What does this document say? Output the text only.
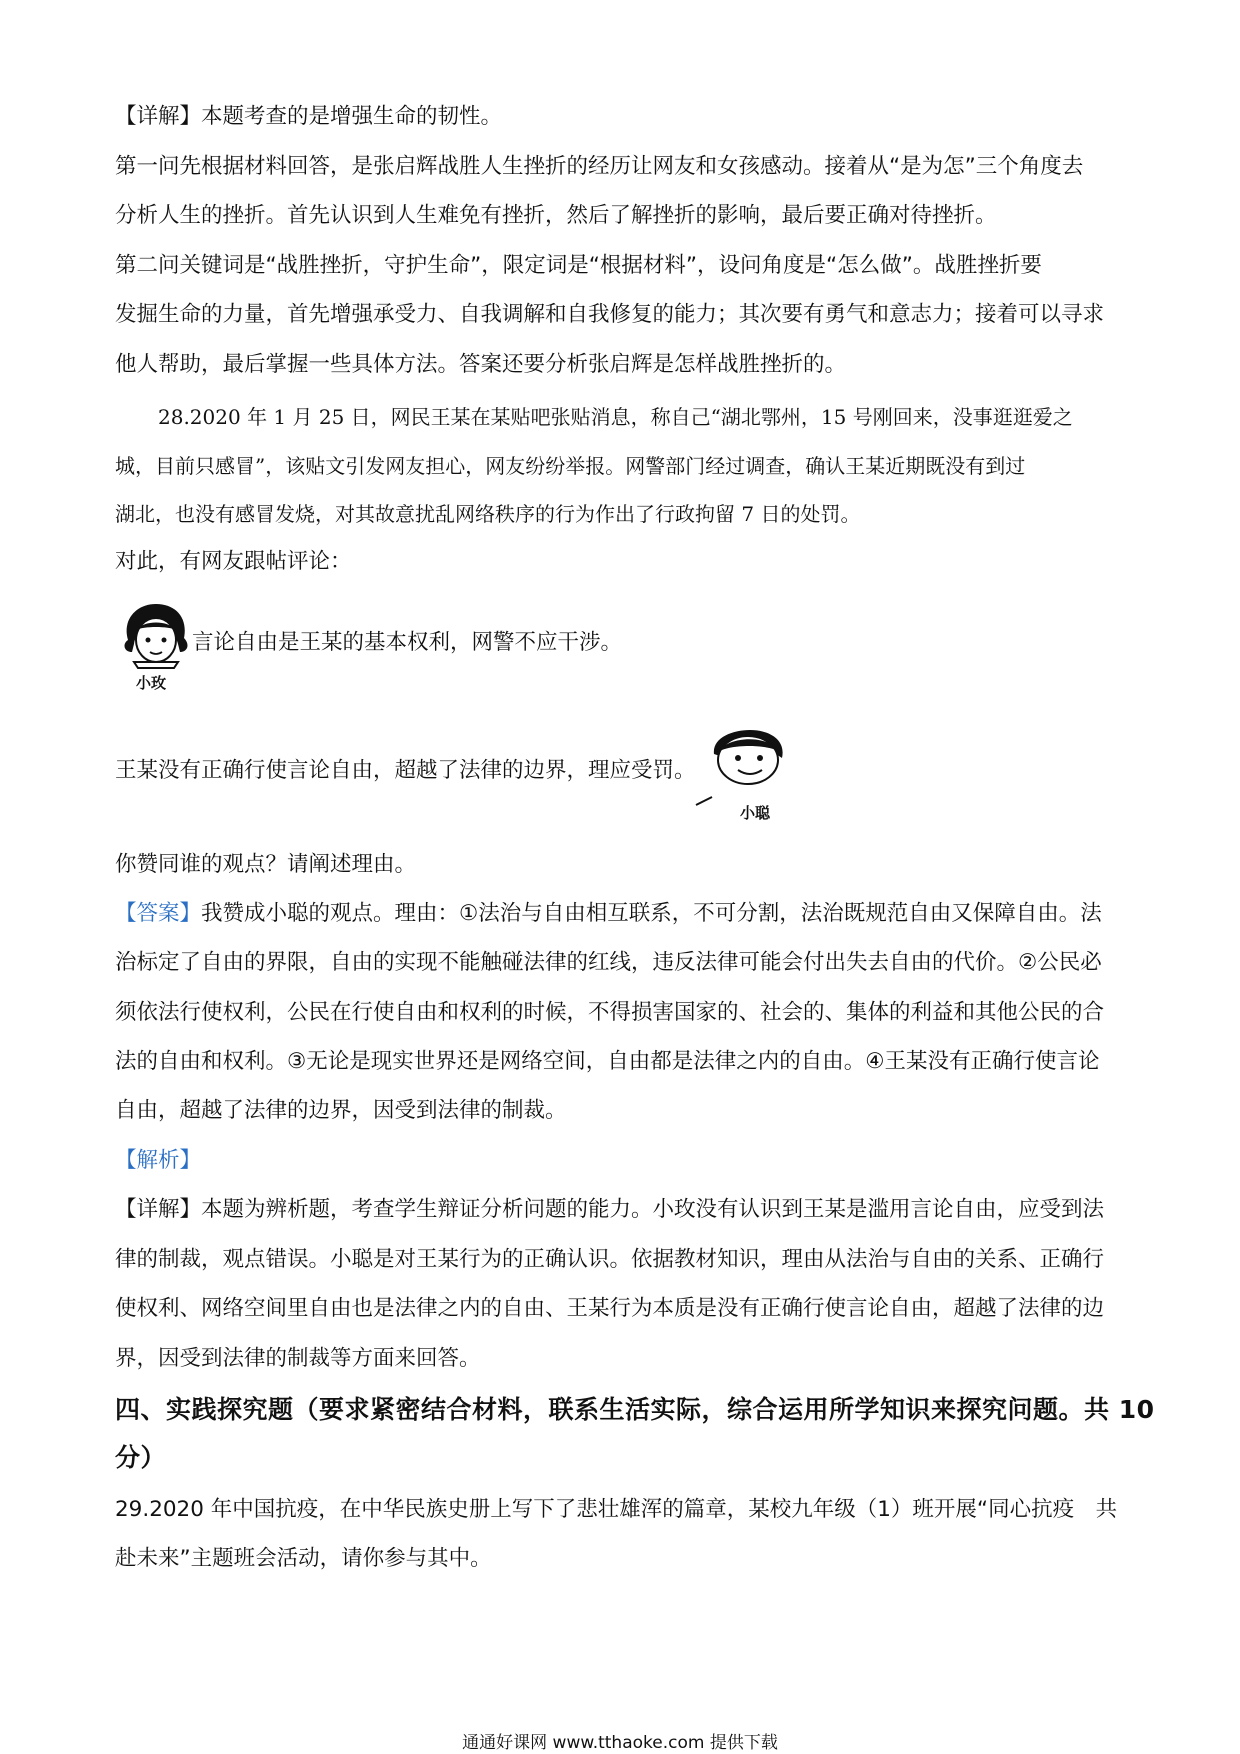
【详解】本题考查的是增强生命的韧性。
第一问先根据材料回答，是张启辉战胜人生挫折的经历让网友和女孩感动。接着从“是为怎”三个角度去
分析人生的挫折。首先认识到人生难免有挫折，然后了解挫折的影响，最后要正确对待挫折。
第二问关键词是“战胜挫折，守护生命”，限定词是“根据材料”，设问角度是“怎么做”。战胜挫折要
发掘生命的力量，首先增强承受力、自我调解和自我修复的能力；其次要有勇气和意志力；接着可以寻求
他人帮助，最后掌握一些具体方法。答案还要分析张启辉是怎样战胜挫折的。
28.2020 年 1 月 25 日，网民王某在某贴吧张贴消息，称自己“湖北鄂州，15 号刚回来，没事逛逛爱之
城，目前只感冒”，该贴文引发网友担心，网友纷纷举报。网警部门经过调查，确认王某近期既没有到过
湖北，也没有感冒发烧，对其故意扰乱网络秩序的行为作出了行政拘留 7 日的处罚。
对此，有网友跟帖评论：
小玫
言论自由是王某的基本权利，网警不应干涉。
王某没有正确行使言论自由，超越了法律的边界，理应受罚。
小聪
你赞同谁的观点？请阐述理由。
【答案】我赞成小聪的观点。理由：①法治与自由相互联系，不可分割，法治既规范自由又保障自由。法
治标定了自由的界限，自由的实现不能触碰法律的红线，违反法律可能会付出失去自由的代价。②公民必
须依法行使权利，公民在行使自由和权利的时候，不得损害国家的、社会的、集体的利益和其他公民的合
法的自由和权利。③无论是现实世界还是网络空间，自由都是法律之内的自由。④王某没有正确行使言论
自由，超越了法律的边界，因受到法律的制裁。
【解析】
【详解】本题为辨析题，考查学生辩证分析问题的能力。小玫没有认识到王某是滥用言论自由，应受到法
律的制裁，观点错误。小聪是对王某行为的正确认识。依据教材知识，理由从法治与自由的关系、正确行
使权利、网络空间里自由也是法律之内的自由、王某行为本质是没有正确行使言论自由，超越了法律的边
界，因受到法律的制裁等方面来回答。
四、实践探究题（要求紧密结合材料，联系生活实际，综合运用所学知识来探究问题。共 10
分）
29.2020 年中国抗疫，在中华民族史册上写下了悲壮雄浑的篇章，某校九年级（1）班开展“同心抗疫　共
赴未来”主题班会活动，请你参与其中。
通通好课网 www.tthaoke.com 提供下载
